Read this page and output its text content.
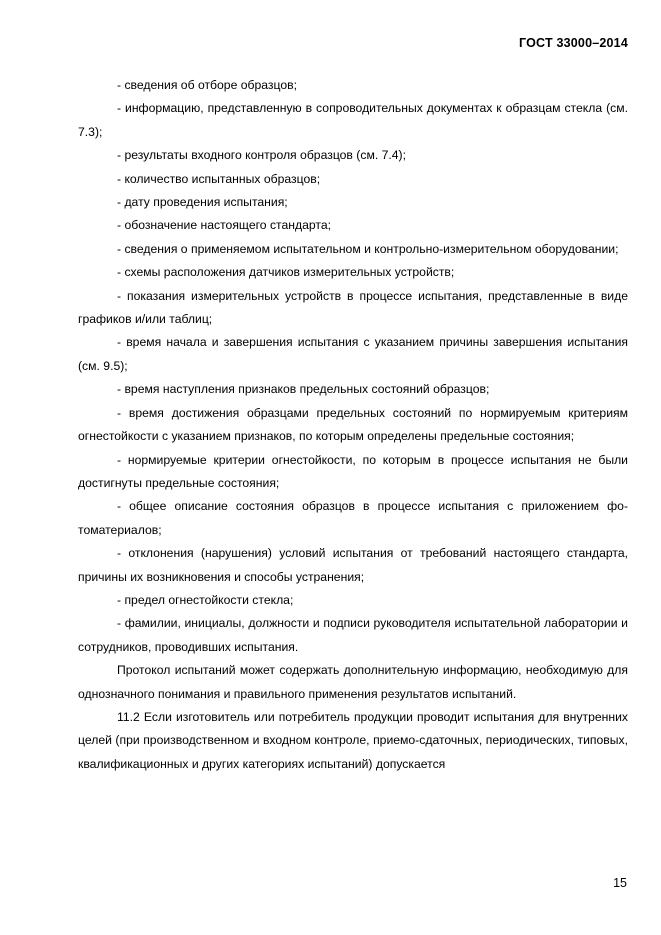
ГОСТ 33000–2014

- сведения об отборе образцов;

- информацию, представленную в сопроводительных документах к образцам стекла (см. 7.3);

- результаты входного контроля образцов (см. 7.4);

- количество испытанных образцов;

- дату проведения испытания;

- обозначение настоящего стандарта;

- сведения о применяемом испытательном и контрольно-измерительном оборудовании;

- схемы расположения датчиков измерительных устройств;

- показания измерительных устройств в процессе испытания, представленные в виде графиков и/или таблиц;

- время начала и завершения испытания с указанием причины завершения испытания (см. 9.5);

- время наступления признаков предельных состояний образцов;

- время достижения образцами предельных состояний по нормируемым критериям огнестойкости с указанием признаков, по которым определены предельные состояния;

- нормируемые критерии огнестойкости, по которым в процессе испытания не были достигнуты предельные состояния;

- общее описание состояния образцов в процессе испытания с приложением фотоматериалов;

- отклонения (нарушения) условий испытания от требований настоящего стандарта, причины их возникновения и способы устранения;

- предел огнестойкости стекла;

- фамилии, инициалы, должности и подписи руководителя испытательной лаборатории и сотрудников, проводивших испытания.

Протокол испытаний может содержать дополнительную информацию, необходимую для однозначного понимания и правильного применения результатов испытаний.

11.2 Если изготовитель или потребитель продукции проводит испытания для внутренних целей (при производственном и входном контроле, приемо-сдаточных, периодических, типовых, квалификационных и других категориях испытаний) допускается

15
